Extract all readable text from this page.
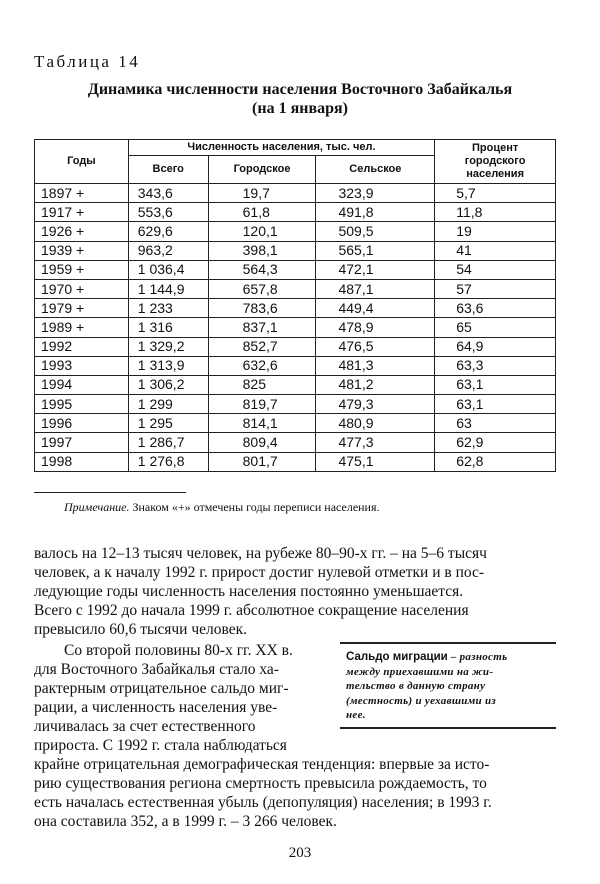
Таблица 14
Динамика численности населения Восточного Забайкалья
(на 1 января)
Годы	Численность населения, тыс. чел.			Процент
городского
населения

	Всего	Городское	Сельское	
1897 +	343,6	19,7	323,9	5,7
1917 +	553,6	61,8	491,8	11,8
1926 +	629,6	120,1	509,5	19
1939 +	963,2	398,1	565,1	41
1959 +	1 036,4	564,3	472,1	54
1970 +	1 144,9	657,8	487,1	57
1979 +	1 233	783,6	449,4	63,6
1989 +	1 316	837,1	478,9	65
1992	1 329,2	852,7	476,5	64,9
1993	1 313,9	632,6	481,3	63,3
1994	1 306,2	825	481,2	63,1
1995	1 299	819,7	479,3	63,1
1996	1 295	814,1	480,9	63
1997	1 286,7	809,4	477,3	62,9
1998	1 276,8	801,7	475,1	62,8
Примечание. Знаком «+» отмечены годы переписи населения.
валось на 12–13 тысяч человек, на рубеже 80–90-х гг. – на 5–6 тысяч
человек, а к началу 1992 г. прирост достиг нулевой отметки и в пос-
ледующие годы численность населения постоянно уменьшается.
Всего с 1992 до начала 1999 г. абсолютное сокращение населения
превысило 60,6 тысячи человек.
Со второй половины 80-х гг. XX в.
для Восточного Забайкалья стало ха-
рактерным отрицательное сальдо миг-
рации, а численность населения уве-
личивалась за счет естественного
прироста. С 1992 г. стала наблюдаться
крайне отрицательная демографическая тенденция: впервые за исто-
рию существования региона смертность превысила рождаемость, то
есть началась естественная убыль (депопуляция) населения; в 1993 г.
она составила 352, а в 1999 г. – 3 266 человек.
Сальдо миграции – разность
между приехавшими на жи-
тельство в данную страну
(местность) и уехавшими из
нее.
203
